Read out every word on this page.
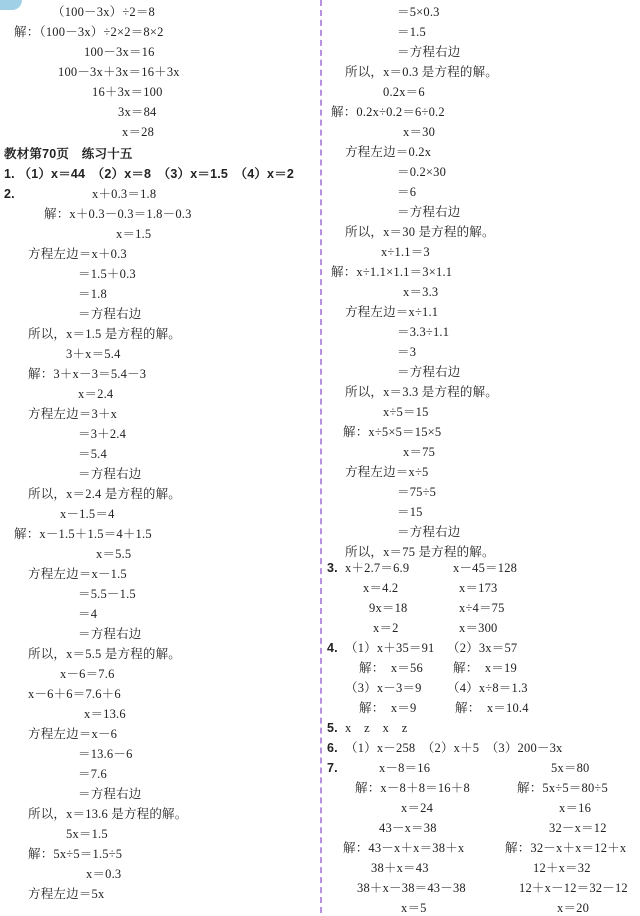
（100－3x）÷2＝8
解：（100－3x）÷2×2＝8×2
100－3x＝16
100－3x＋3x＝16＋3x
16＋3x＝100
3x＝84
x＝28
教材第70页　练习十五
1. （1）x＝44　（2）x＝8　（3）x＝1.5　（4）x＝2
2.	x＋0.3＝1.8
解：x＋0.3－0.3＝1.8－0.3
x＝1.5
方程左边＝x＋0.3
＝1.5＋0.3
＝1.8
＝方程右边
所以，x＝1.5 是方程的解。
3＋x＝5.4
解：3＋x－3＝5.4－3
x＝2.4
方程左边＝3＋x
＝3＋2.4
＝5.4
＝方程右边
所以，x＝2.4 是方程的解。
x－1.5＝4
解：x－1.5＋1.5＝4＋1.5
x＝5.5
方程左边＝x－1.5
＝5.5－1.5
＝4
＝方程右边
所以，x＝5.5 是方程的解。
x－6＝7.6
x－6＋6＝7.6＋6
x＝13.6
方程左边＝x－6
＝13.6－6
＝7.6
＝方程右边
所以，x＝13.6 是方程的解。
5x＝1.5
解：5x÷5＝1.5÷5
x＝0.3
方程左边＝5x
＝5×0.3
＝1.5
＝方程右边
所以，x＝0.3 是方程的解。
0.2x＝6
解：0.2x÷0.2＝6÷0.2
x＝30
方程左边＝0.2x
＝0.2×30
＝6
＝方程右边
所以，x＝30 是方程的解。
x÷1.1＝3
解：x÷1.1×1.1＝3×1.1
x＝3.3
方程左边＝x÷1.1
＝3.3÷1.1
＝3
＝方程右边
所以，x＝3.3 是方程的解。
x÷5＝15
解：x÷5×5＝15×5
x＝75
方程左边＝x÷5
＝75÷5
＝15
＝方程右边
所以，x＝75 是方程的解。
3. x＋2.7＝6.9	x－45＝128
x＝4.2	x＝173
9x＝18	x÷4＝75
x＝2	x＝300
4. （1）x＋35＝91 （2）3x＝57
解：　x＝56 解：　x＝19
（3）x－3＝9 （4）x÷8＝1.3
解：　x＝9	解：　x＝10.4
5. x　z　x　z
6. （1）x－258　（2）x＋5　（3）200－3x
7.	x－8＝16	5x＝80
解：x－8＋8＝16＋8	解：5x÷5＝80÷5
x＝24	x＝16
43－x＝38	32－x＝12
解：43－x＋x＝38＋x	解：32－x＋x＝12＋x
38＋x＝43	12＋x＝32
38＋x－38＝43－38	12＋x－12＝32－12
x＝5	x＝20
